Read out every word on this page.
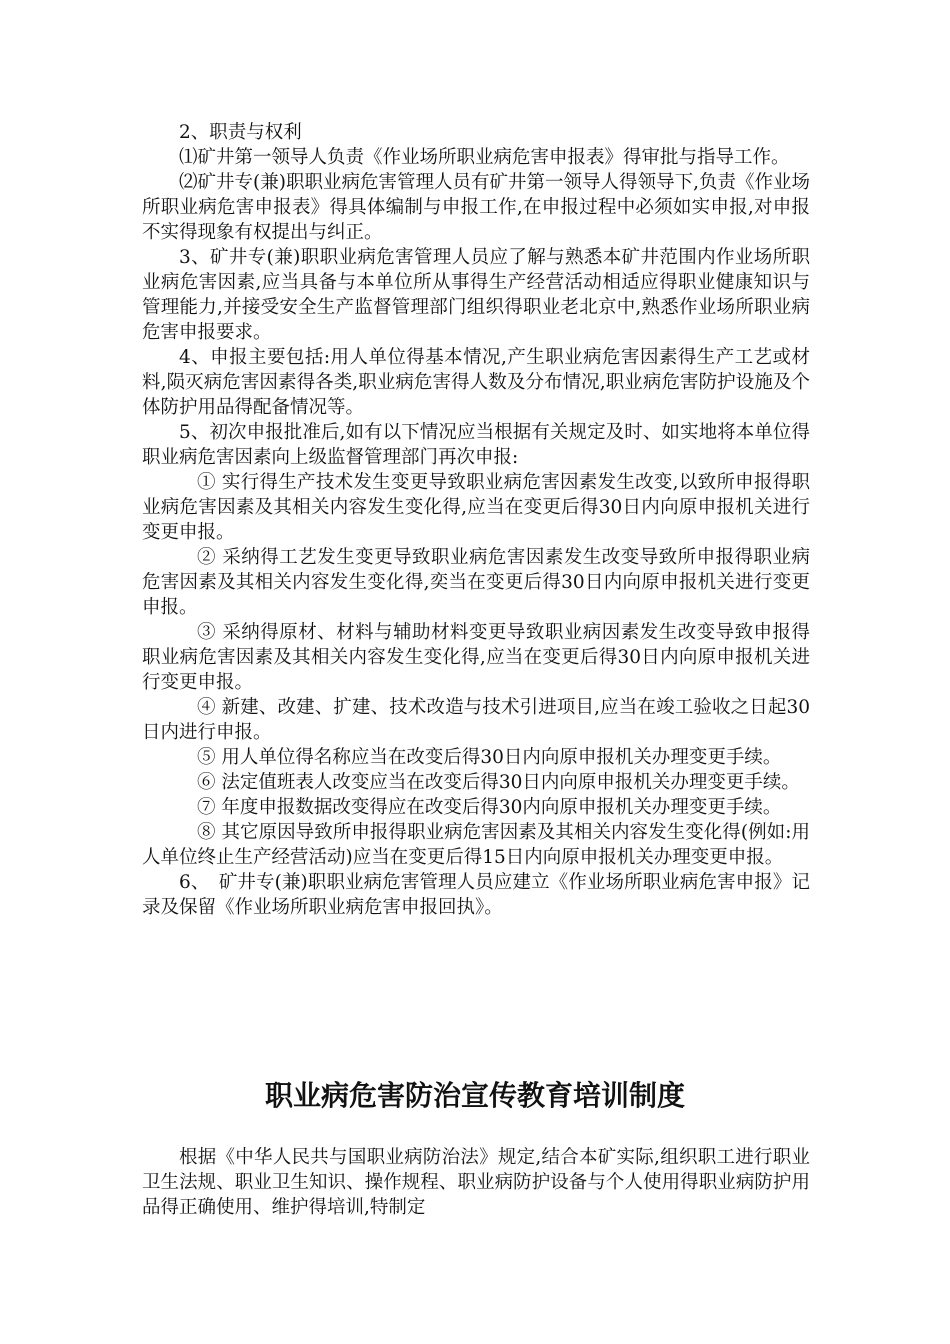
2、职责与权利

⑴矿井第一领导人负责《作业场所职业病危害申报表》得审批与指导工作。

⑵矿井专(兼)职职业病危害管理人员有矿井第一领导人得领导下,负责《作业场所职业病危害申报表》得具体编制与申报工作,在申报过程中必须如实申报,对申报不实得现象有权提出与纠正。

3、矿井专(兼)职职业病危害管理人员应了解与熟悉本矿井范围内作业场所职业病危害因素,应当具备与本单位所从事得生产经营活动相适应得职业健康知识与管理能力,并接受安全生产监督管理部门组织得职业老北京中,熟悉作业场所职业病危害申报要求。

4、申报主要包括:用人单位得基本情况,产生职业病危害因素得生产工艺或材料,陨灭病危害因素得各类,职业病危害得人数及分布情况,职业病危害防护设施及个体防护用品得配备情况等。

5、初次申报批准后,如有以下情况应当根据有关规定及时、如实地将本单位得职业病危害因素向上级监督管理部门再次申报:

① 实行得生产技术发生变更导致职业病危害因素发生改变,以致所申报得职业病危害因素及其相关内容发生变化得,应当在变更后得30日内向原申报机关进行变更申报。

② 采纳得工艺发生变更导致职业病危害因素发生改变导致所申报得职业病危害因素及其相关内容发生变化得,奕当在变更后得30日内向原申报机关进行变更申报。

③ 采纳得原材、材料与辅助材料变更导致职业病因素发生改变导致申报得职业病危害因素及其相关内容发生变化得,应当在变更后得30日内向原申报机关进行变更申报。

④ 新建、改建、扩建、技术改造与技术引进项目,应当在竣工验收之日起30日内进行申报。

⑤ 用人单位得名称应当在改变后得30日内向原申报机关办理变更手续。

⑥ 法定值班表人改变应当在改变后得30日内向原申报机关办理变更手续。

⑦ 年度申报数据改变得应在改变后得30内向原申报机关办理变更手续。

⑧ 其它原因导致所申报得职业病危害因素及其相关内容发生变化得(例如:用人单位终止生产经营活动)应当在变更后得15日内向原申报机关办理变更申报。

6、　矿井专(兼)职职业病危害管理人员应建立《作业场所职业病危害申报》记录及保留《作业场所职业病危害申报回执》。

职业病危害防治宣传教育培训制度

根据《中华人民共与国职业病防治法》规定,结合本矿实际,组织职工进行职业卫生法规、职业卫生知识、操作规程、职业病防护设备与个人使用得职业病防护用品得正确使用、维护得培训,特制定
